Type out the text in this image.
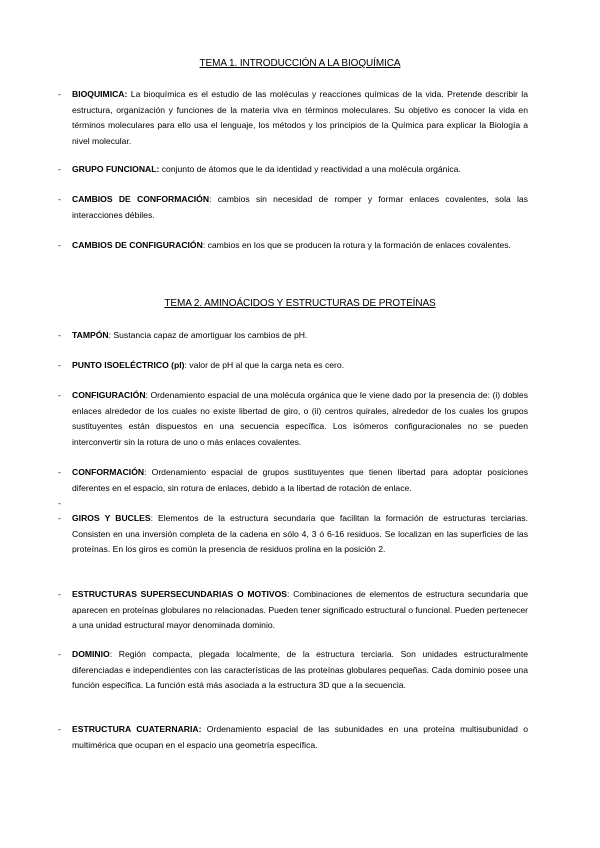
TEMA 1. INTRODUCCIÓN A LA BIOQUÍMICA
- BIOQUIMICA: La bioquímica es el estudio de las moléculas y reacciones químicas de la vida. Pretende describir la estructura, organización y funciones de la materia viva en términos moleculares. Su objetivo es conocer la vida en términos moleculares para ello usa el lenguaje, los métodos y los principios de la Química para explicar la Biología a nivel molecular.
- GRUPO FUNCIONAL: conjunto de átomos que le da identidad y reactividad a una molécula orgánica.
- CAMBIOS DE CONFORMACIÓN: cambios sin necesidad de romper y formar enlaces covalentes, sola las interacciones débiles.
- CAMBIOS DE CONFIGURACIÓN: cambios en los que se producen la rotura y la formación de enlaces covalentes.
TEMA 2. AMINOÁCIDOS Y ESTRUCTURAS DE PROTEÍNAS
- TAMPÓN: Sustancia capaz de amortiguar los cambios de pH.
- PUNTO ISOELÉCTRICO (pI): valor de pH al que la carga neta es cero.
- CONFIGURACIÓN: Ordenamiento espacial de una molécula orgánica que le viene dado por la presencia de: (i) dobles enlaces alrededor de los cuales no existe libertad de giro, o (ii) centros quirales, alrededor de los cuales los grupos sustituyentes están dispuestos en una secuencia específica. Los isómeros configuracionales no se pueden interconvertir sin la rotura de uno o más enlaces covalentes.
- CONFORMACIÓN: Ordenamiento espacial de grupos sustituyentes que tienen libertad para adoptar posiciones diferentes en el espacio, sin rotura de enlaces, debido a la libertad de rotación de enlace.
-
- GIROS Y BUCLES: Elementos de la estructura secundaria que facilitan la formación de estructuras terciarias. Consisten en una inversión completa de la cadena en sólo 4, 3 ó 6-16 residuos. Se localizan en las superficies de las proteínas. En los giros es común la presencia de residuos prolina en la posición 2.
- ESTRUCTURAS SUPERSECUNDARIAS O MOTIVOS: Combinaciones de elementos de estructura secundaria que aparecen en proteínas globulares no relacionadas. Pueden tener significado estructural o funcional. Pueden pertenecer a una unidad estructural mayor denominada dominio.
- DOMINIO: Región compacta, plegada localmente, de la estructura terciaria. Son unidades estructuralmente diferenciadas e independientes con las características de las proteínas globulares pequeñas. Cada dominio posee una función específica. La función está más asociada a la estructura 3D que a la secuencia.
- ESTRUCTURA CUATERNARIA: Ordenamiento espacial de las subunidades en una proteína multisubunidad o multimérica que ocupan en el espacio una geometría específica.
